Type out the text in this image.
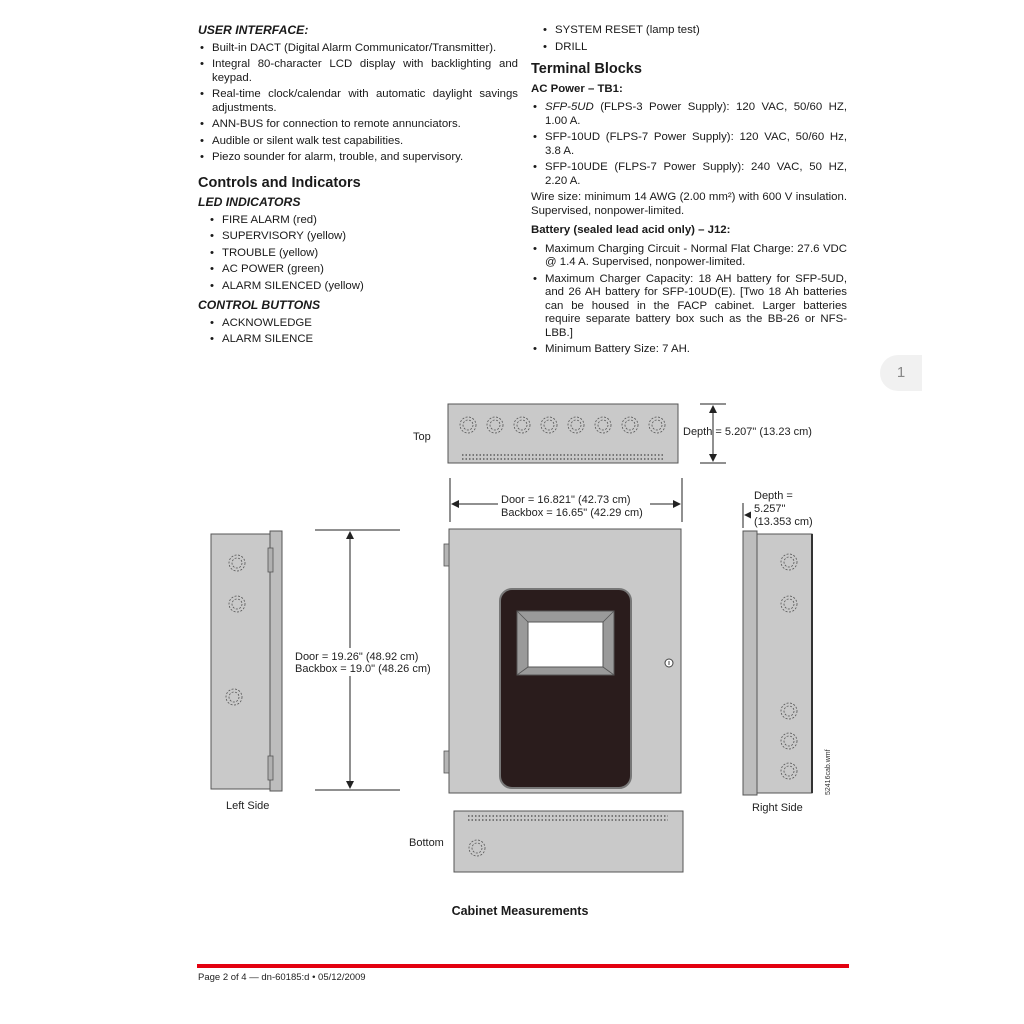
USER INTERFACE:
• Built-in DACT (Digital Alarm Communicator/Transmitter).
• Integral 80-character LCD display with backlighting and keypad.
• Real-time clock/calendar with automatic daylight savings adjustments.
• ANN-BUS for connection to remote annunciators.
• Audible or silent walk test capabilities.
• Piezo sounder for alarm, trouble, and supervisory.
Controls and Indicators
LED INDICATORS
• FIRE ALARM (red)
• SUPERVISORY (yellow)
• TROUBLE (yellow)
• AC POWER (green)
• ALARM SILENCED (yellow)
CONTROL BUTTONS
• ACKNOWLEDGE
• ALARM SILENCE
• SYSTEM RESET (lamp test)
• DRILL
Terminal Blocks
AC Power – TB1:
• SFP-5UD (FLPS-3 Power Supply): 120 VAC, 50/60 HZ, 1.00 A.
• SFP-10UD (FLPS-7 Power Supply): 120 VAC, 50/60 Hz, 3.8 A.
• SFP-10UDE (FLPS-7 Power Supply): 240 VAC, 50 HZ, 2.20 A.

Wire size: minimum 14 AWG (2.00 mm²) with 600 V insulation. Supervised, nonpower-limited.

Battery (sealed lead acid only) – J12:
• Maximum Charging Circuit - Normal Flat Charge: 27.6 VDC @ 1.4 A. Supervised, nonpower-limited.
• Maximum Charger Capacity: 18 AH battery for SFP-5UD, and 26 AH battery for SFP-10UD(E). [Two 18 Ah batteries can be housed in the FACP cabinet. Larger batteries require separate battery box such as the BB-26 or NFS-LBB.]
• Minimum Battery Size: 7 AH.
1
Top	Depth = 5.207" (13.23 cm)
Door = 16.821" (42.73 cm)
Backbox = 16.65" (42.29 cm)
Door = 19.26" (48.92 cm)
Backbox = 19.0" (48.26 cm)
Left Side
Depth =
5.257"
(13.353 cm)
Right Side
52416cab.wmf
Bottom
Cabinet Measurements
Page 2 of 4 — dn-60185:d • 05/12/2009
